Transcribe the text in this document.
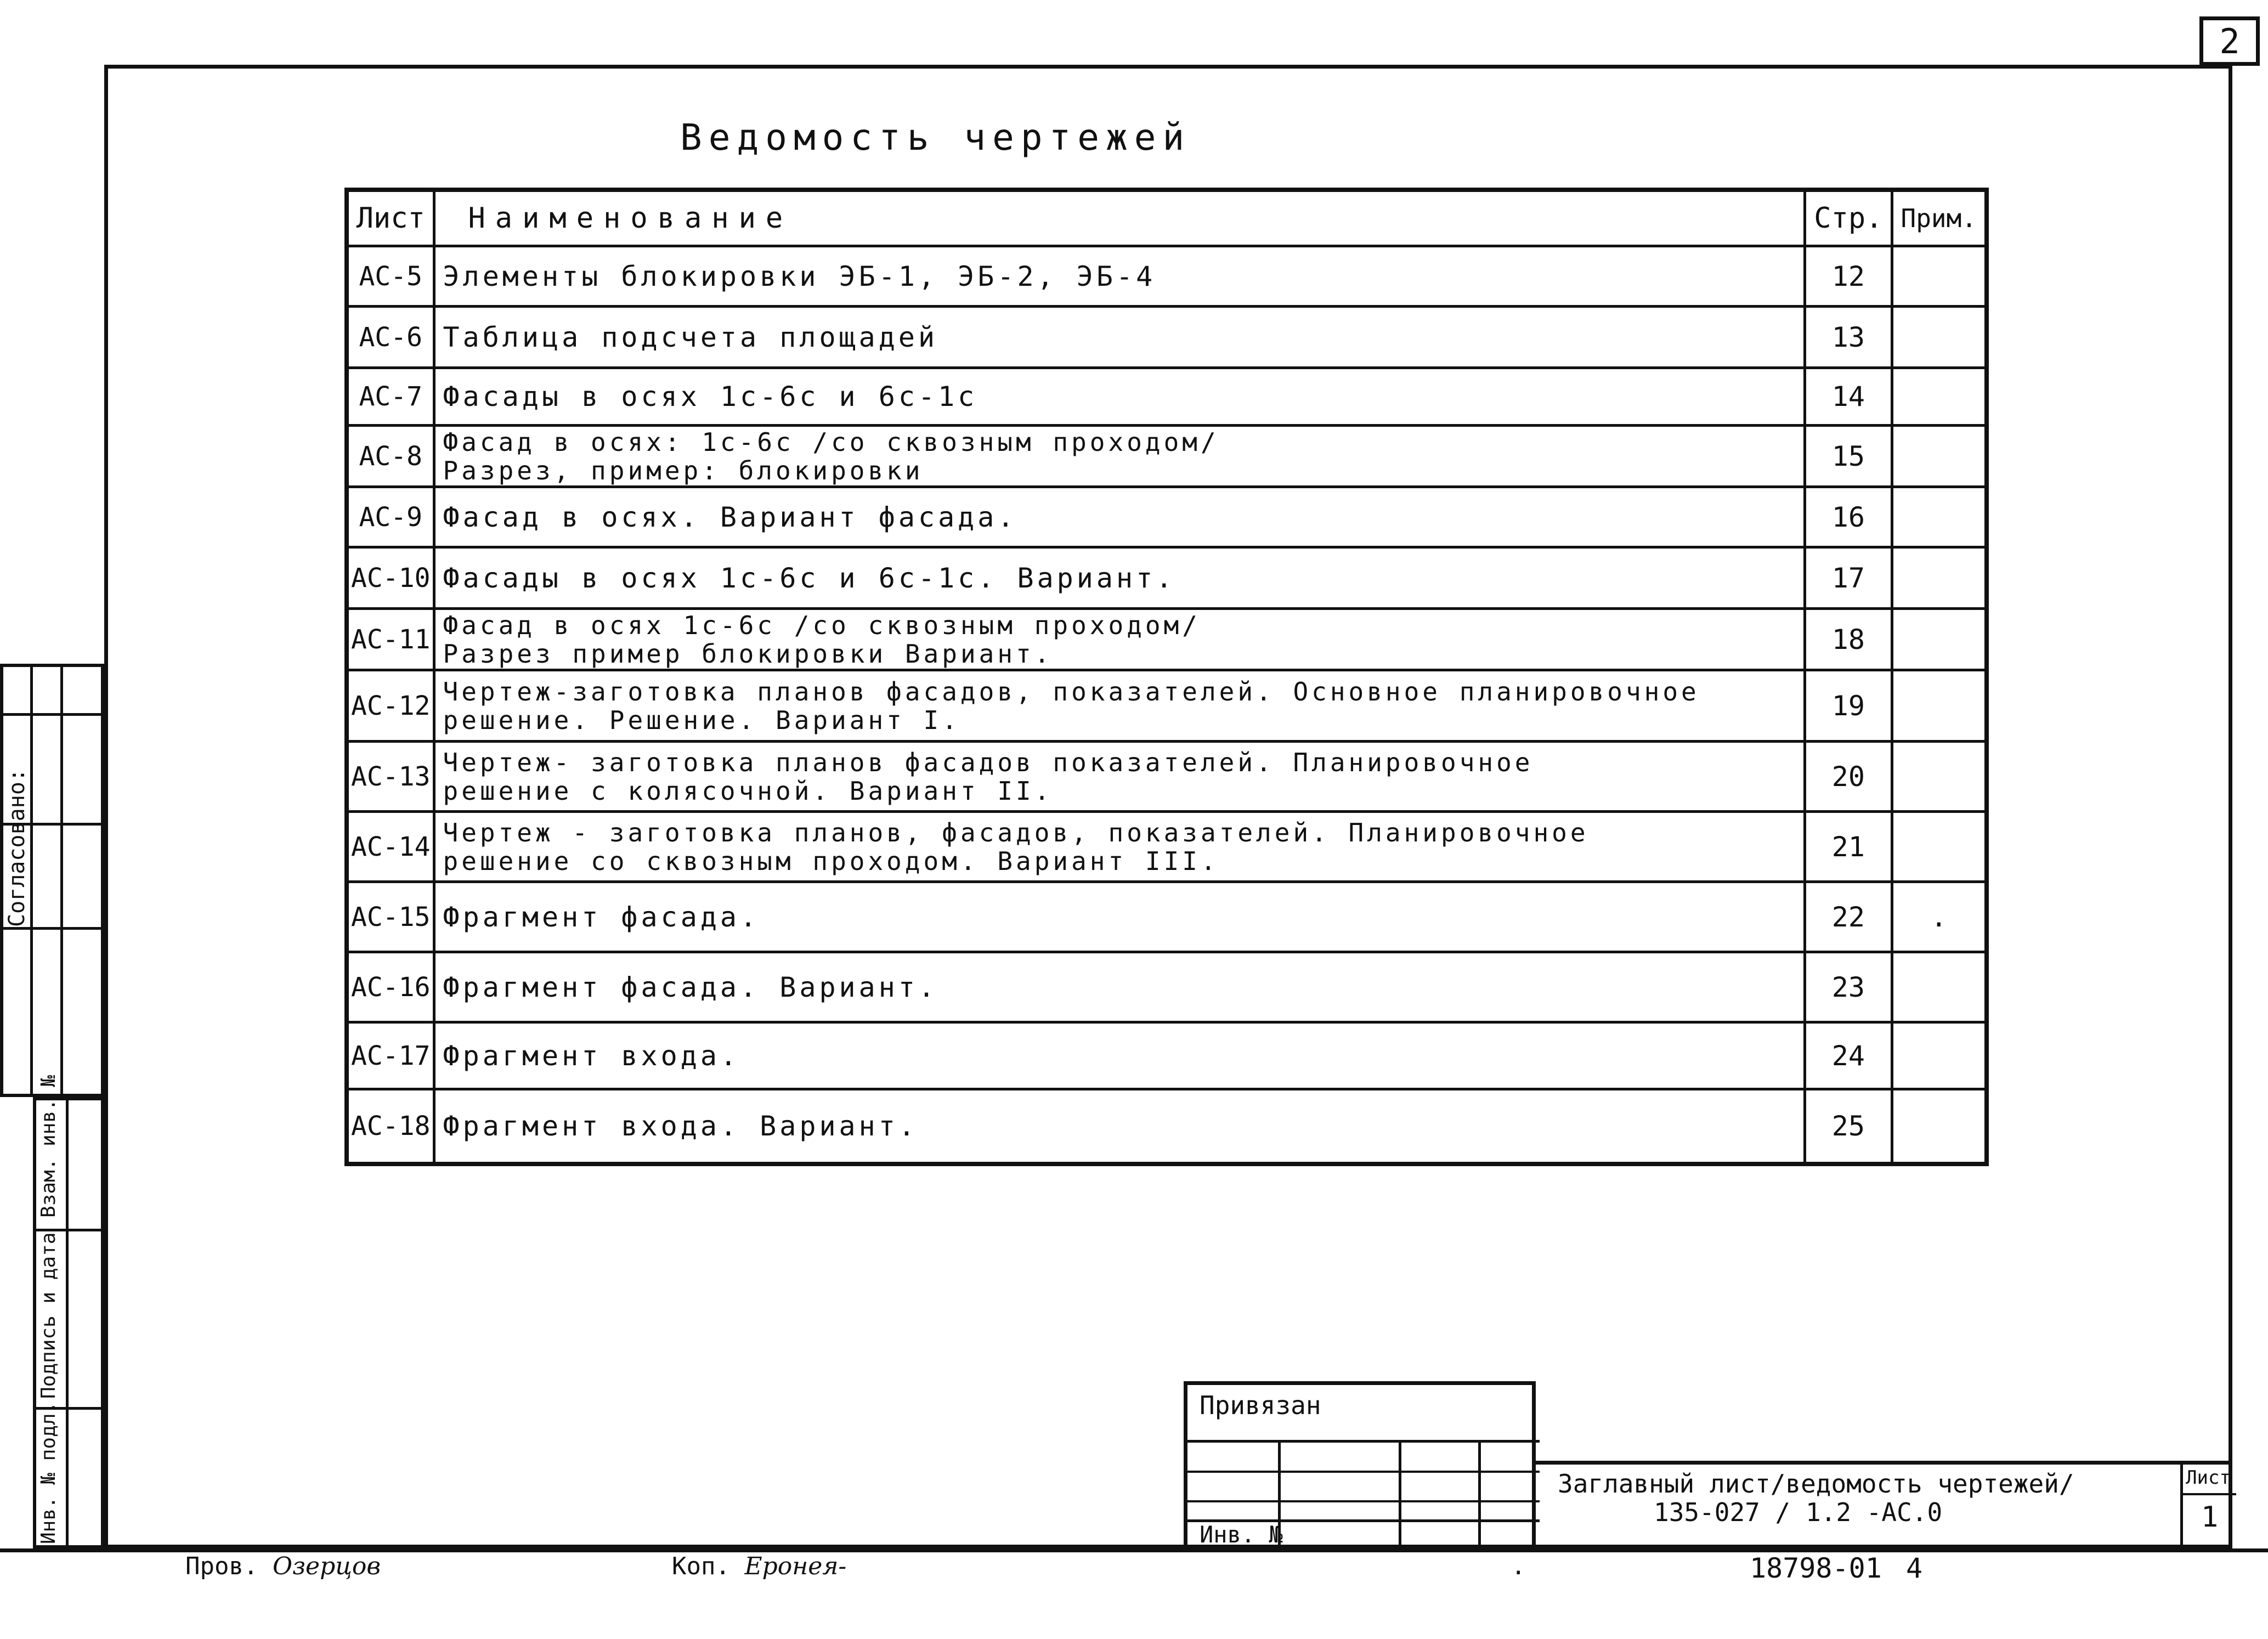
2
Ведомость чертежей
Лист	Наименование	Стр.	Прим.
АС-5	Элементы блокировки ЭБ-1, ЭБ-2, ЭБ-4	12	
АС-6	Таблица подсчета площадей	13	
АС-7	Фасады в осях 1с-6с и 6с-1с	14	
АС-8	Фасад в осях: 1с-6с /со сквозным проходом/
Разрез, пример: блокировки	15	
АС-9	Фасад в осях. Вариант фасада.	16	
АС-10	Фасады в осях 1с-6с и 6с-1с. Вариант.	17	
АС-11	Фасад в осях 1с-6с /со сквозным проходом/
Разрез пример блокировки Вариант.	18	
АС-12	Чертеж-заготовка планов фасадов, показателей. Основное планировочное
решение. Решение. Вариант I.	19	
АС-13	Чертеж- заготовка планов фасадов показателей. Планировочное
решение с колясочной. Вариант II.	20	
АС-14	Чертеж - заготовка планов, фасадов, показателей. Планировочное
решение со сквозным проходом. Вариант III.	21	
АС-15	Фрагмент фасада.	22	.
АС-16	Фрагмент фасада. Вариант.	23	
АС-17	Фрагмент входа.	24	
АС-18	Фрагмент входа. Вариант.	25	
Согласовано:
Взам. инв. №
Подпись и дата
Инв. № подл.	Привязан
Инв. №
Заглавный лист/ведомость чертежей/
135-027 / 1.2 -АС.0
Лист
1
Пров. Озерцов	Коп. Еронея-	.	18798-01 4
